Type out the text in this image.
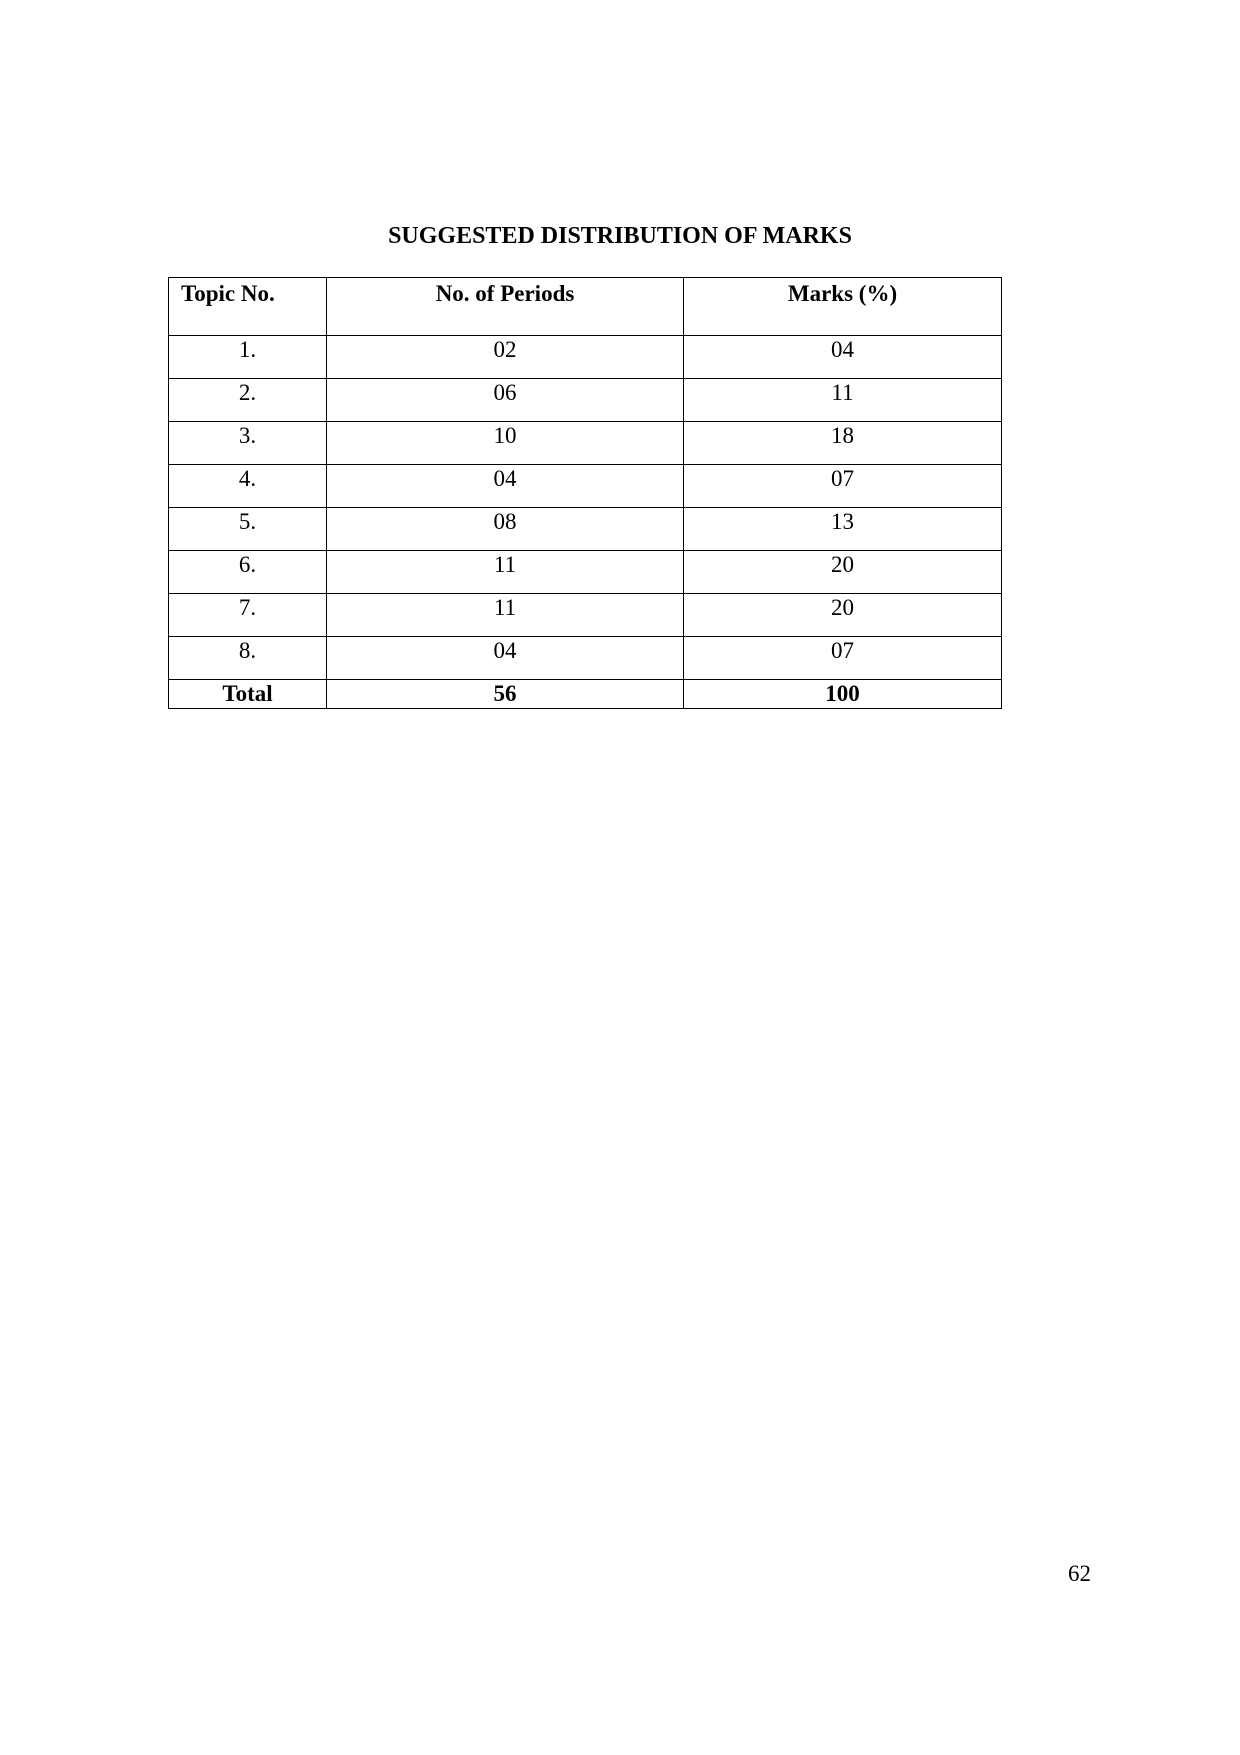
SUGGESTED DISTRIBUTION OF MARKS
Topic No.	No. of Periods	Marks (%)
1.	02	04
2.	06	11
3.	10	18
4.	04	07
5.	08	13
6.	11	20
7.	11	20
8.	04	07
Total	56	100
62
